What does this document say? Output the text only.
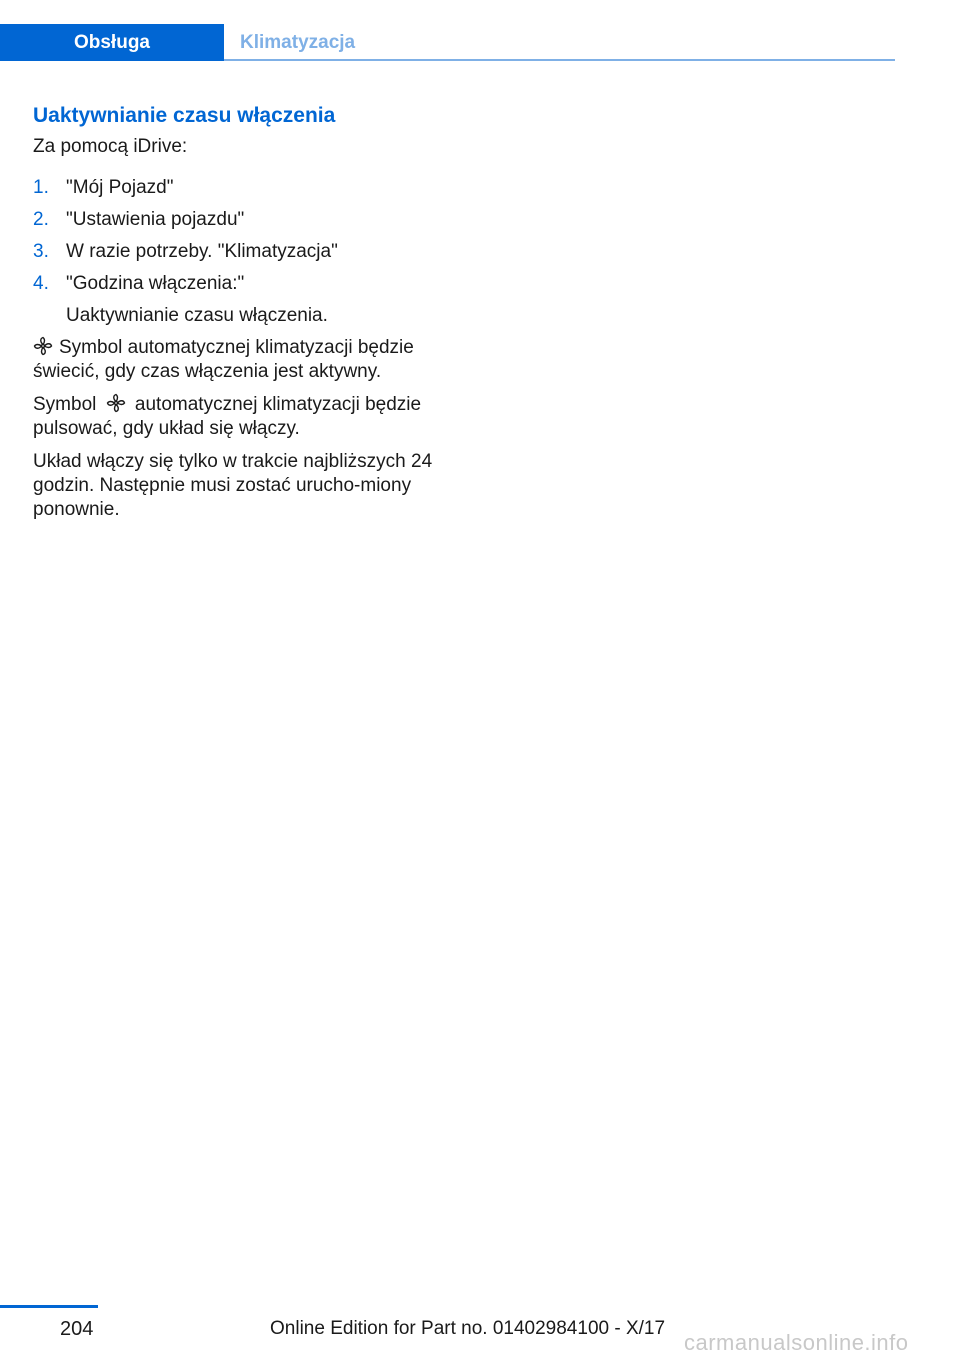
Obsługa	Klimatyzacja
Uaktywnianie czasu włączenia
Za pomocą iDrive:
1. "Mój Pojazd"
2. "Ustawienia pojazdu"
3. W razie potrzeby. "Klimatyzacja"
4. "Godzina włączenia:"
Uaktywnianie czasu włączenia.

Symbol automatycznej klimatyzacji będzie świecić, gdy czas włączenia jest aktywny.

Symbol automatycznej klimatyzacji będzie pulsować, gdy układ się włączy.

Układ włączy się tylko w trakcie najbliższych 24 godzin. Następnie musi zostać urucho-miony ponownie.

204	Online Edition for Part no. 01402984100 - X/17
carmanualsonline.info
